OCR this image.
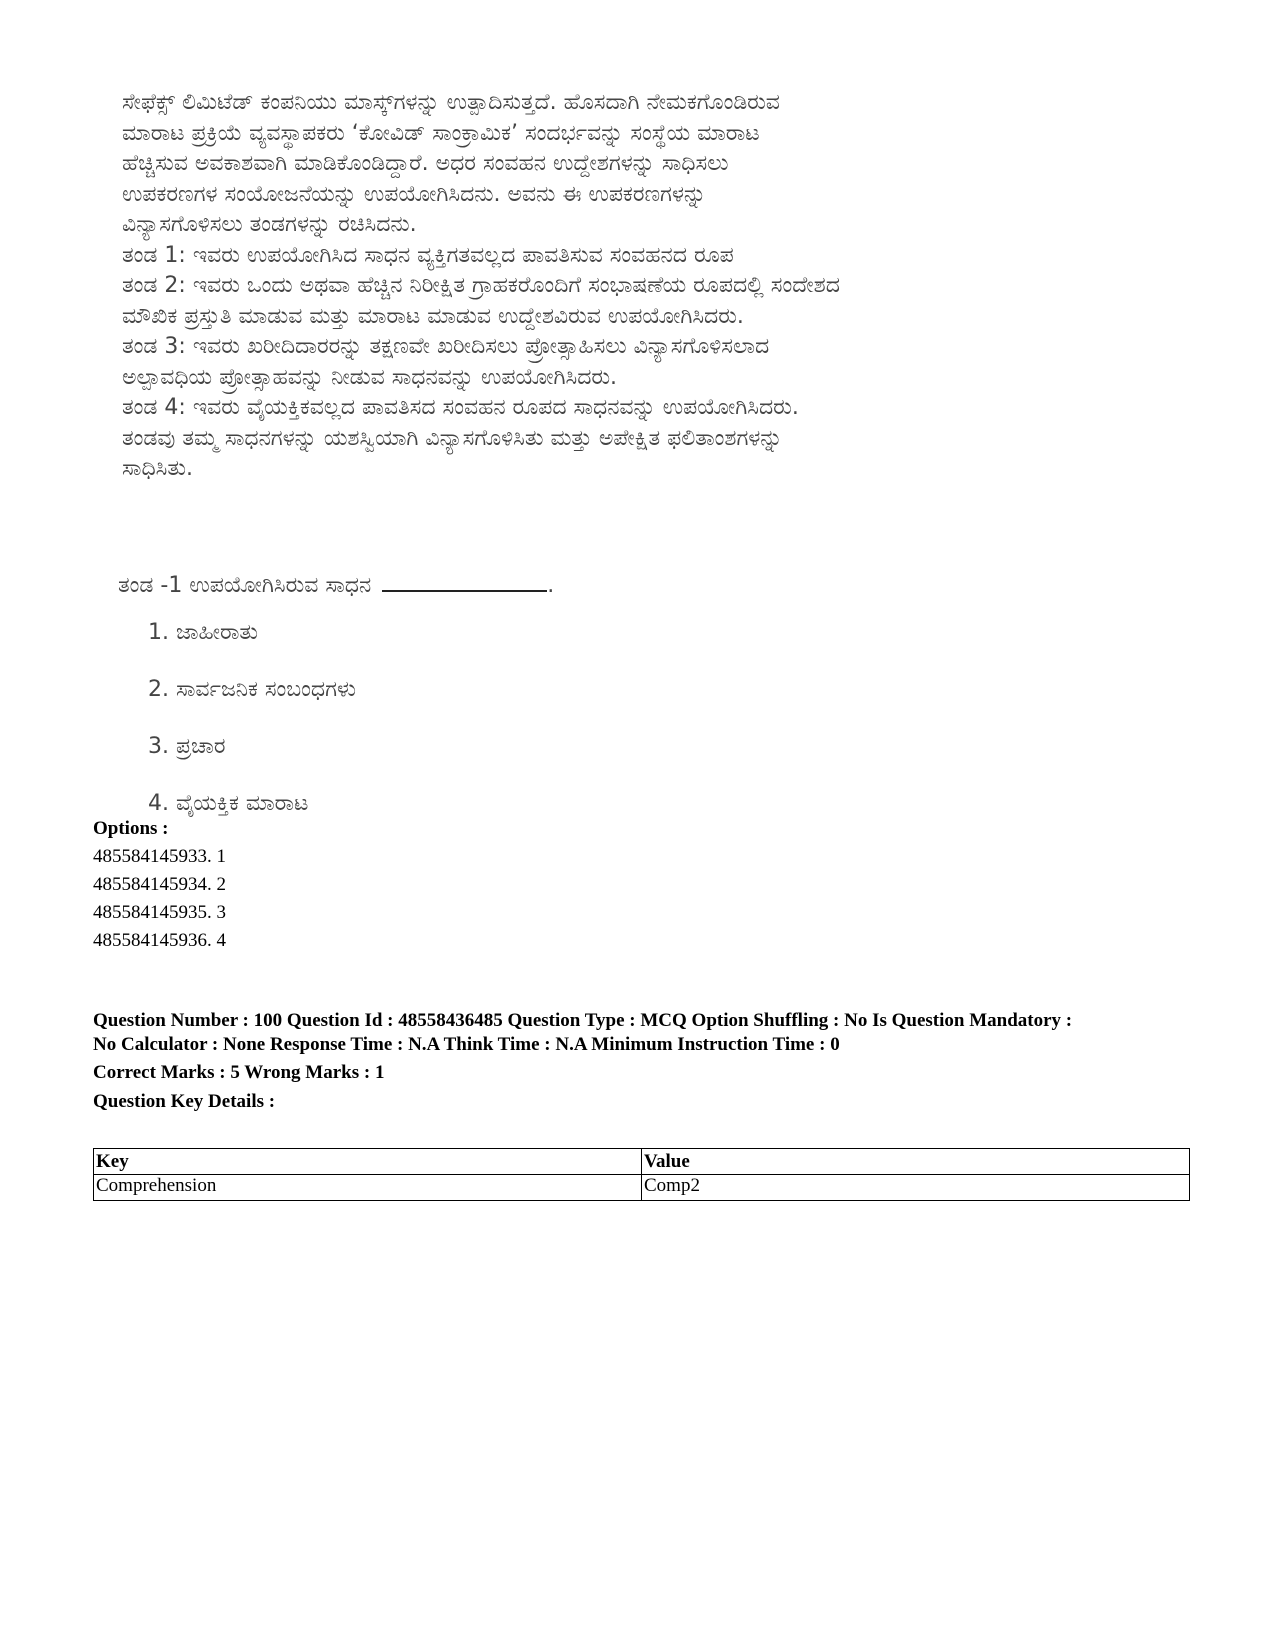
ಸೇಫೆಕ್ಸ್ ಲಿಮಿಟೆಡ್ ಕಂಪನಿಯು ಮಾಸ್ಕ್‌ಗಳನ್ನು ಉತ್ಪಾದಿಸುತ್ತದೆ. ಹೊಸದಾಗಿ ನೇಮಕಗೊಂಡಿರುವ

ಮಾರಾಟ ಪ್ರಕ್ರಿಯೆ ವ್ಯವಸ್ಥಾಪಕರು ‘ಕೋವಿಡ್ ಸಾಂಕ್ರಾಮಿಕ’ ಸಂದರ್ಭವನ್ನು ಸಂಸ್ಥೆಯ ಮಾರಾಟ

ಹೆಚ್ಚಿಸುವ ಅವಕಾಶವಾಗಿ ಮಾಡಿಕೊಂಡಿದ್ದಾರೆ. ಅಧರ ಸಂವಹನ ಉದ್ದೇಶಗಳನ್ನು ಸಾಧಿಸಲು

ಉಪಕರಣಗಳ ಸಂಯೋಜನೆಯನ್ನು ಉಪಯೋಗಿಸಿದನು. ಅವನು ಈ ಉಪಕರಣಗಳನ್ನು

ವಿನ್ಯಾಸಗೊಳಿಸಲು ತಂಡಗಳನ್ನು ರಚಿಸಿದನು.

ತಂಡ 1: ಇವರು ಉಪಯೋಗಿಸಿದ ಸಾಧನ ವ್ಯಕ್ತಿಗತವಲ್ಲದ ಪಾವತಿಸುವ ಸಂವಹನದ ರೂಪ

ತಂಡ 2: ಇವರು ಒಂದು ಅಥವಾ ಹೆಚ್ಚಿನ ನಿರೀಕ್ಷಿತ ಗ್ರಾಹಕರೊಂದಿಗೆ ಸಂಭಾಷಣೆಯ ರೂಪದಲ್ಲಿ ಸಂದೇಶದ

ಮೌಖಿಕ ಪ್ರಸ್ತುತಿ ಮಾಡುವ ಮತ್ತು ಮಾರಾಟ ಮಾಡುವ ಉದ್ದೇಶವಿರುವ ಉಪಯೋಗಿಸಿದರು.

ತಂಡ 3: ಇವರು ಖರೀದಿದಾರರನ್ನು ತಕ್ಷಣವೇ ಖರೀದಿಸಲು ಪ್ರೋತ್ಸಾಹಿಸಲು ವಿನ್ಯಾಸಗೊಳಿಸಲಾದ

ಅಲ್ಪಾವಧಿಯ ಪ್ರೋತ್ಸಾಹವನ್ನು ನೀಡುವ ಸಾಧನವನ್ನು ಉಪಯೋಗಿಸಿದರು.

ತಂಡ 4: ಇವರು ವೈಯಕ್ತಿಕವಲ್ಲದ ಪಾವತಿಸದ ಸಂವಹನ ರೂಪದ ಸಾಧನವನ್ನು ಉಪಯೋಗಿಸಿದರು.

ತಂಡವು ತಮ್ಮ ಸಾಧನಗಳನ್ನು ಯಶಸ್ವಿಯಾಗಿ ವಿನ್ಯಾಸಗೊಳಿಸಿತು ಮತ್ತು ಅಪೇಕ್ಷಿತ ಫಲಿತಾಂಶಗಳನ್ನು

ಸಾಧಿಸಿತು.

ತಂಡ -1 ಉಪಯೋಗಿಸಿರುವ ಸಾಧನ	.
1. ಜಾಹೀರಾತು
2. ಸಾರ್ವಜನಿಕ ಸಂಬಂಧಗಳು
3. ಪ್ರಚಾರ
4. ವೈಯಕ್ತಿಕ ಮಾರಾಟ
Options :
485584145933. 1
485584145934. 2
485584145935. 3
485584145936. 4
Question Number : 100 Question Id : 48558436485 Question Type : MCQ Option Shuffling : No Is Question Mandatory :
No Calculator : None Response Time : N.A Think Time : N.A Minimum Instruction Time : 0
Correct Marks : 5 Wrong Marks : 1
Question Key Details :
Key	Value
Comprehension	Comp2
